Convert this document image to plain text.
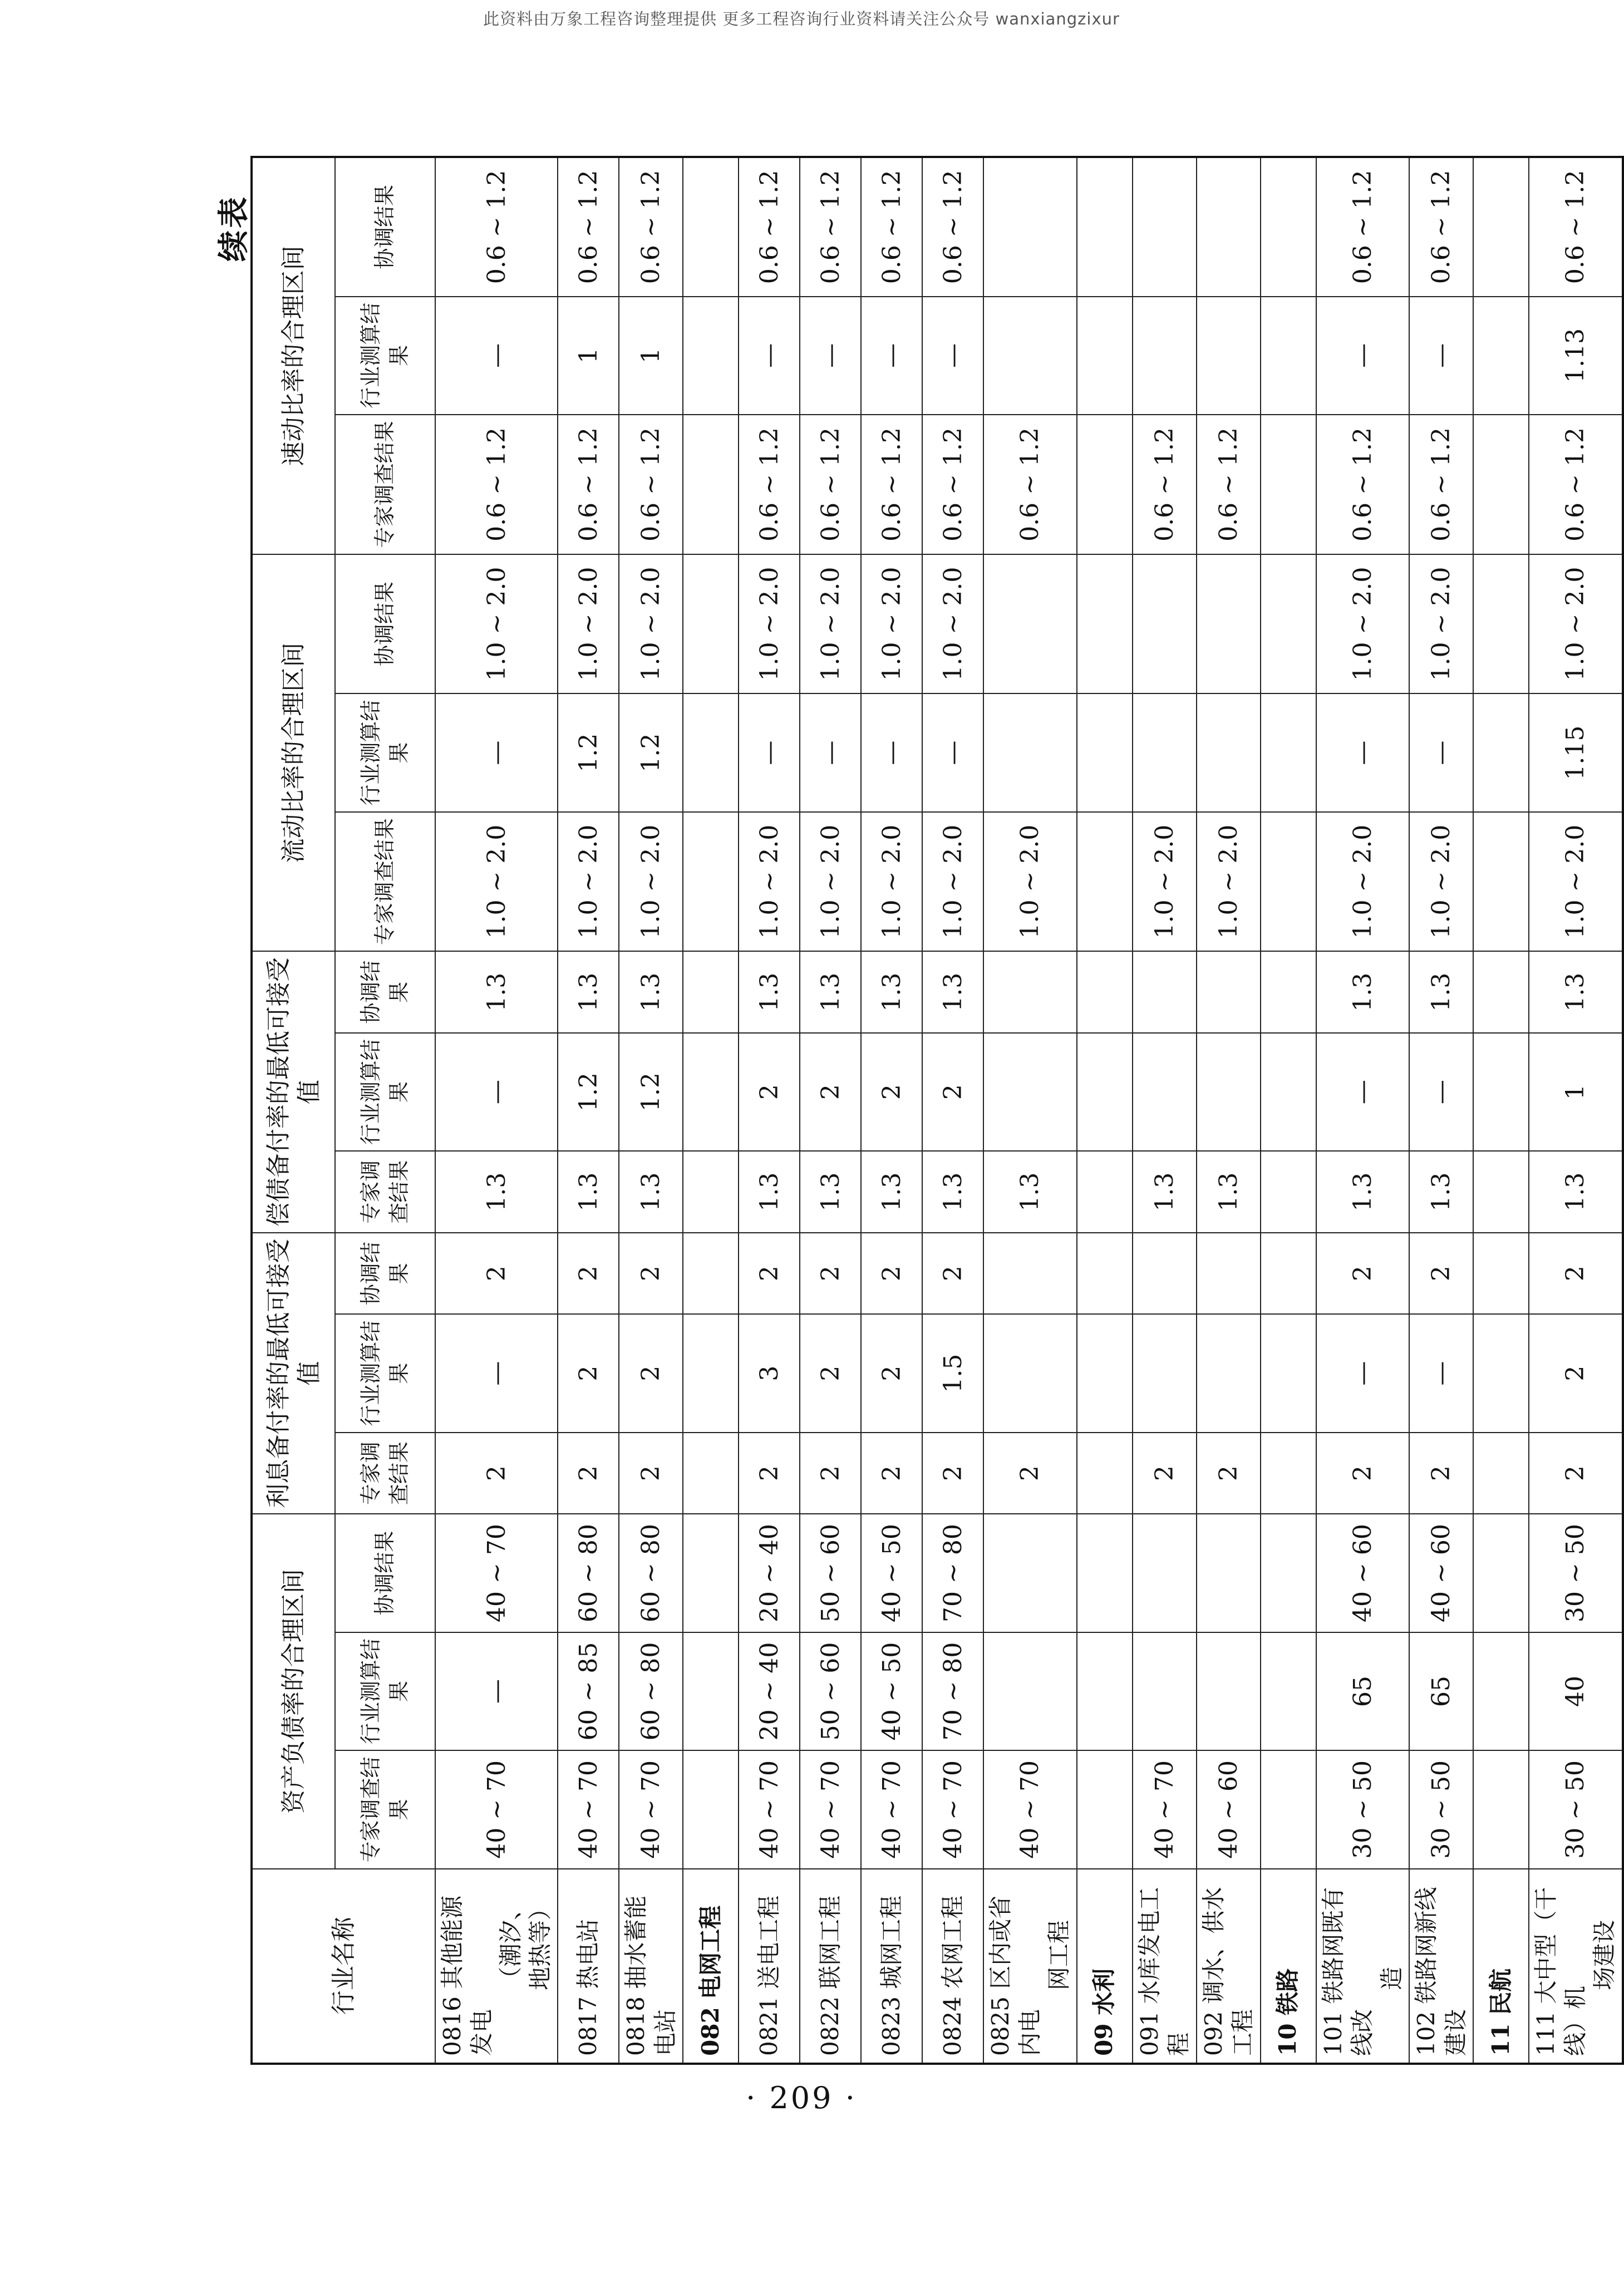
此资料由万象工程咨询整理提供 更多工程咨询行业资料请关注公众号 wanxiangzixur
续表
行业名称	资产负债率的合理区间			利息备付率的最低可接受值			偿债备付率的最低可接受值			流动比率的合理区间			速动比率的合理区间		
	专家调查结果	行业测算结果	协调结果	专家调查结果	行业测算结果	协调结果	专家调查结果	行业测算结果	协调结果	专家调查结果	行业测算结果	协调结果	专家调查结果	行业测算结果	协调结果
0816 其他能源发电
（潮汐、地热等）	40 ~ 70	—	40 ~ 70	2	—	2	1.3	—	1.3	1.0 ~ 2.0	—	1.0 ~ 2.0	0.6 ~ 1.2	—	0.6 ~ 1.2
0817 热电站	40 ~ 70	60 ~ 85	60 ~ 80	2	2	2	1.3	1.2	1.3	1.0 ~ 2.0	1.2	1.0 ~ 2.0	0.6 ~ 1.2	1	0.6 ~ 1.2
0818 抽水蓄能电站	40 ~ 70	60 ~ 80	60 ~ 80	2	2	2	1.3	1.2	1.3	1.0 ~ 2.0	1.2	1.0 ~ 2.0	0.6 ~ 1.2	1	0.6 ~ 1.2
082 电网工程															
0821 送电工程	40 ~ 70	20 ~ 40	20 ~ 40	2	3	2	1.3	2	1.3	1.0 ~ 2.0	—	1.0 ~ 2.0	0.6 ~ 1.2	—	0.6 ~ 1.2
0822 联网工程	40 ~ 70	50 ~ 60	50 ~ 60	2	2	2	1.3	2	1.3	1.0 ~ 2.0	—	1.0 ~ 2.0	0.6 ~ 1.2	—	0.6 ~ 1.2
0823 城网工程	40 ~ 70	40 ~ 50	40 ~ 50	2	2	2	1.3	2	1.3	1.0 ~ 2.0	—	1.0 ~ 2.0	0.6 ~ 1.2	—	0.6 ~ 1.2
0824 农网工程	40 ~ 70	70 ~ 80	70 ~ 80	2	1.5	2	1.3	2	1.3	1.0 ~ 2.0	—	1.0 ~ 2.0	0.6 ~ 1.2	—	0.6 ~ 1.2
0825 区内或省内电
网工程	40 ~ 70			2			1.3			1.0 ~ 2.0			0.6 ~ 1.2		
09 水利															
091 水库发电工程	40 ~ 70			2			1.3			1.0 ~ 2.0			0.6 ~ 1.2		
092 调水、供水工程	40 ~ 60			2			1.3			1.0 ~ 2.0			0.6 ~ 1.2		
10 铁路															
101 铁路网既有线改
造	30 ~ 50	65	40 ~ 60	2	—	2	1.3	—	1.3	1.0 ~ 2.0	—	1.0 ~ 2.0	0.6 ~ 1.2	—	0.6 ~ 1.2
102 铁路网新线建设	30 ~ 50	65	40 ~ 60	2	—	2	1.3	—	1.3	1.0 ~ 2.0	—	1.0 ~ 2.0	0.6 ~ 1.2	—	0.6 ~ 1.2
11 民航															
111 大中型（干线）机
场建设	30 ~ 50	40	30 ~ 50	2	2	2	1.3	1	1.3	1.0 ~ 2.0	1.15	1.0 ~ 2.0	0.6 ~ 1.2	1.13	0.6 ~ 1.2
· 209 ·
